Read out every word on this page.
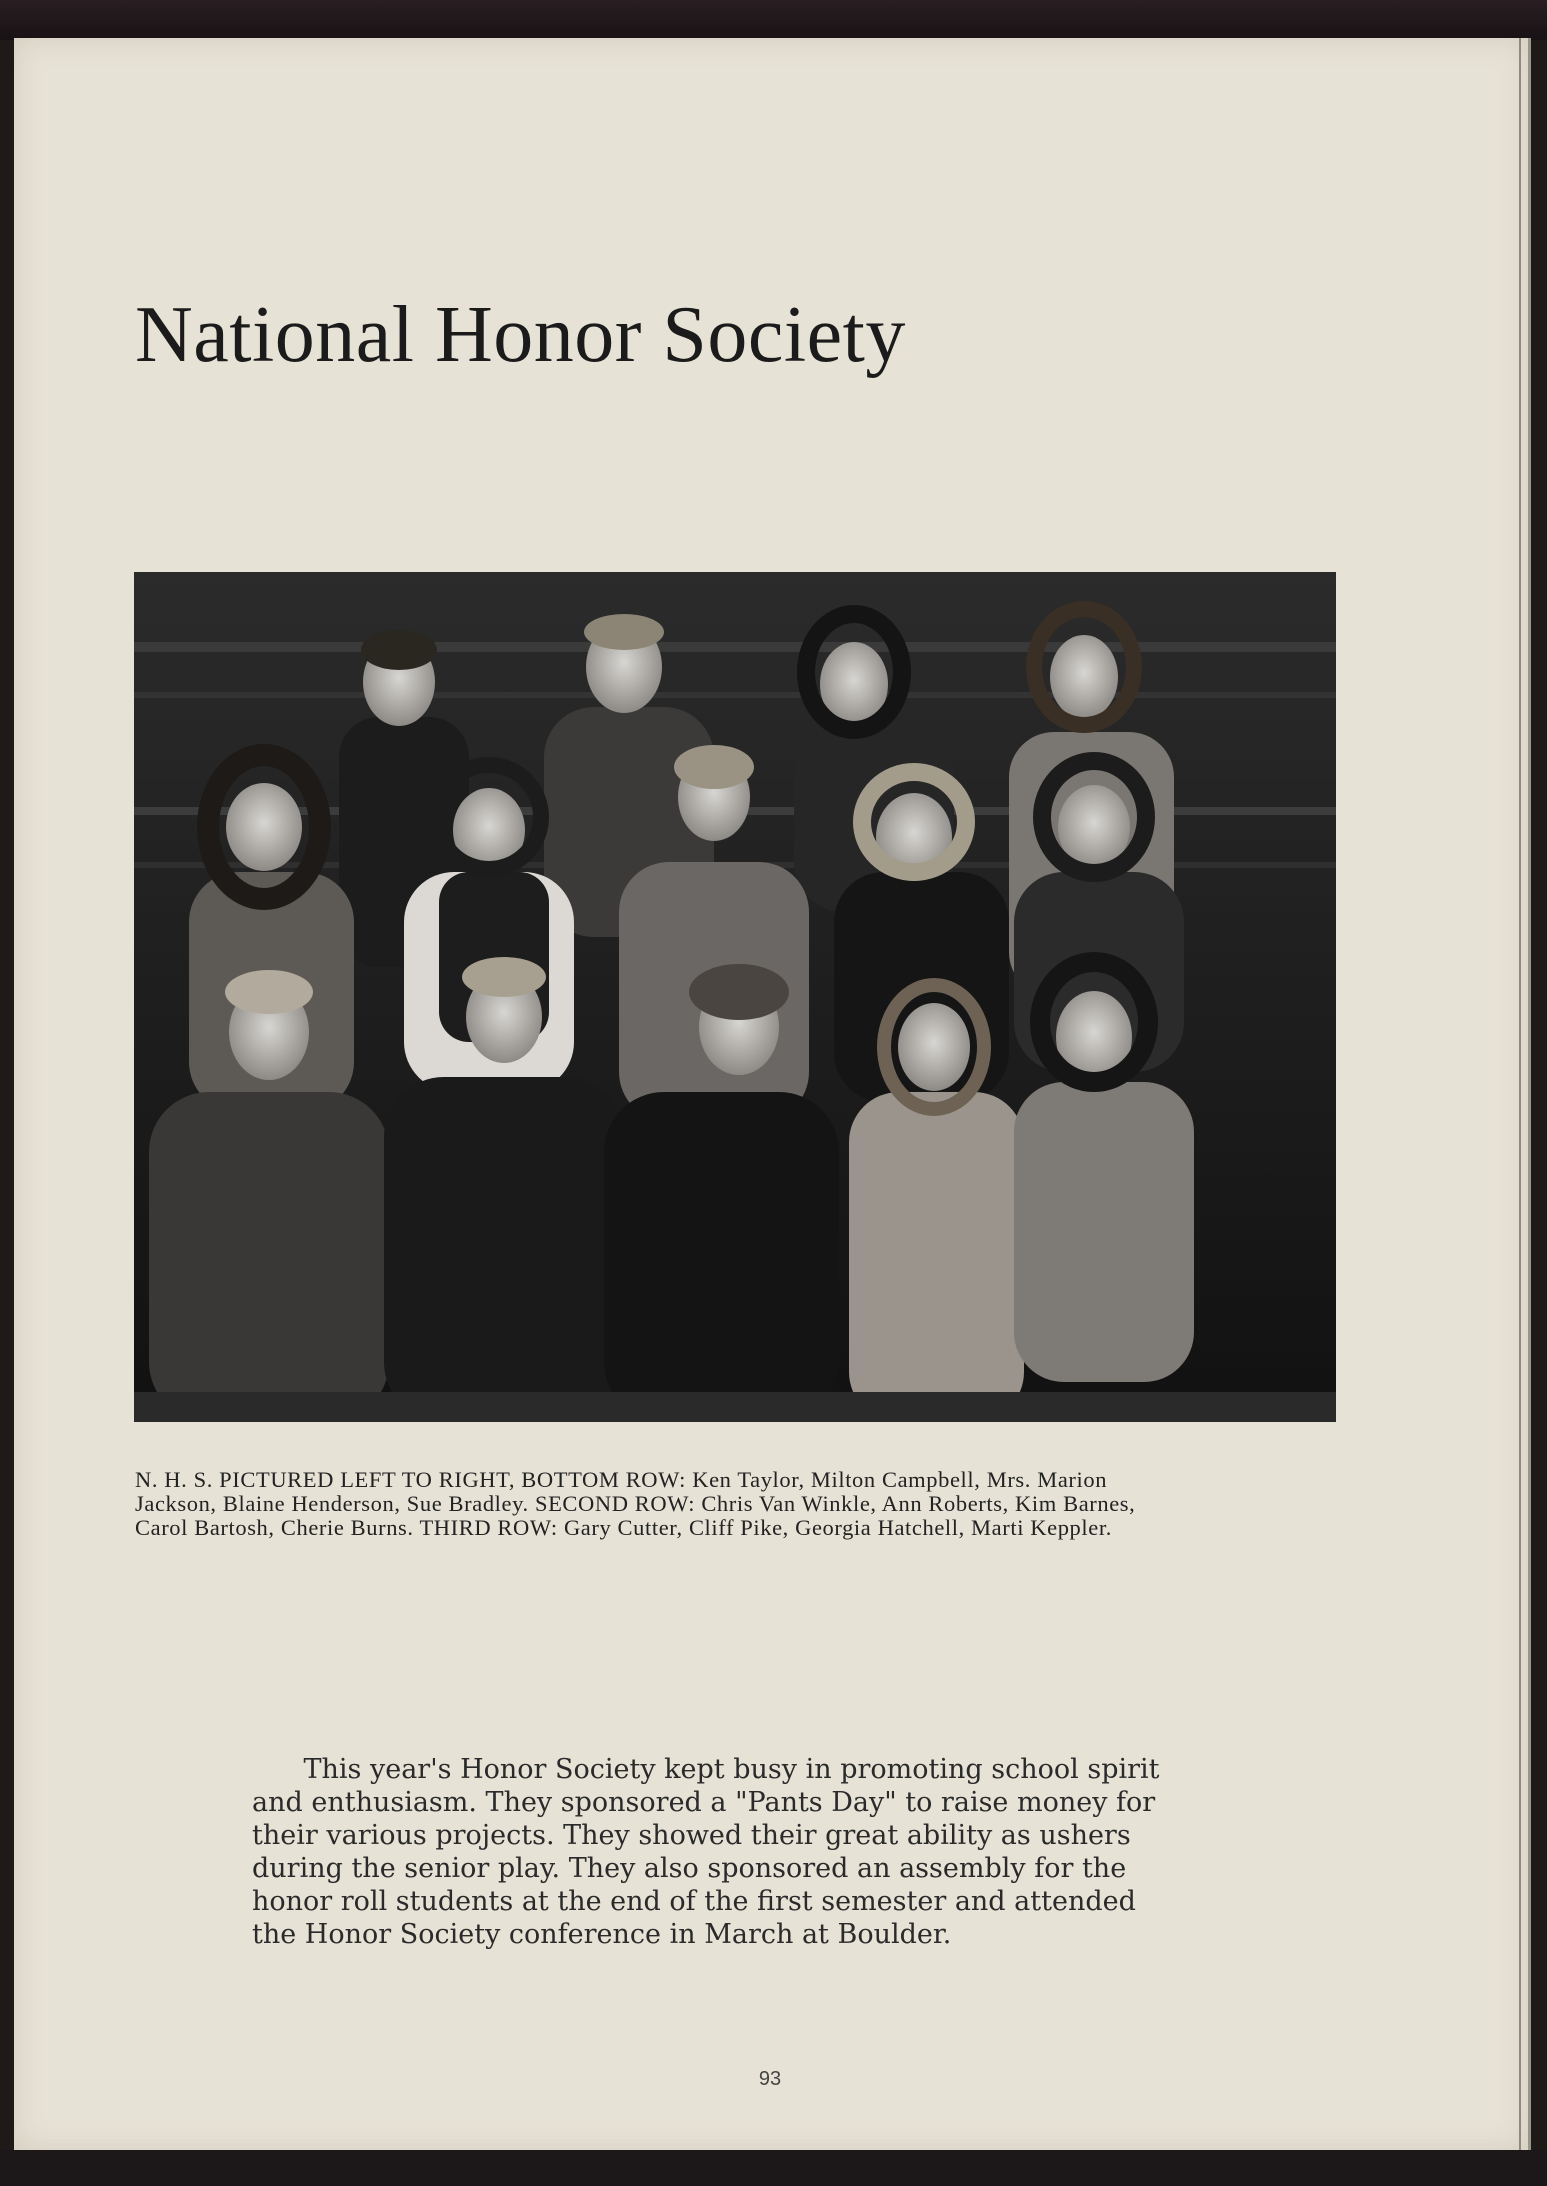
National Honor Society
N. H. S. PICTURED LEFT TO RIGHT, BOTTOM ROW: Ken Taylor, Milton Campbell, Mrs. Marion
Jackson, Blaine Henderson, Sue Bradley. SECOND ROW: Chris Van Winkle, Ann Roberts, Kim Barnes,
Carol Bartosh, Cherie Burns. THIRD ROW: Gary Cutter, Cliff Pike, Georgia Hatchell, Marti Keppler.
This year's Honor Society kept busy in promoting school spirit
and enthusiasm. They sponsored a "Pants Day" to raise money for
their various projects. They showed their great ability as ushers
during the senior play. They also sponsored an assembly for the
honor roll students at the end of the first semester and attended
the Honor Society conference in March at Boulder.
93
